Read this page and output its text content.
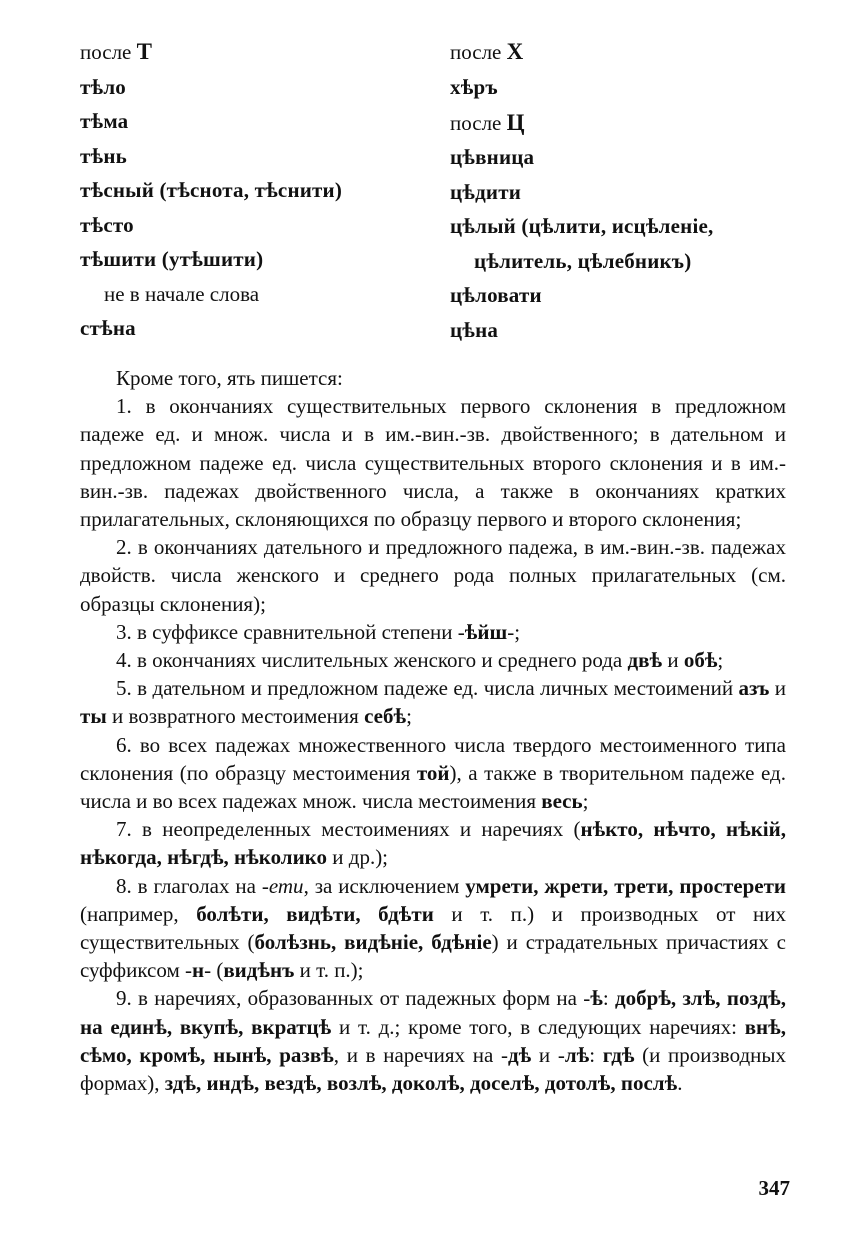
после Т
тѣло
тѣма
тѣнь
тѣсный (тѣснота, тѣснити)
тѣсто
тѣшити (утѣшити)
не в начале слова
стѣна
после Х
хѣръ
после Ц
цѣвница
цѣдити
цѣлый (цѣлити, исцѣленіе,
цѣлитель, цѣлебникъ)
цѣловати
цѣна

Кроме того, ять пишется:

1. в окончаниях существительных первого склонения в предложном падеже ед. и множ. числа и в им.-вин.-зв. двойственного; в дательном и предложном падеже ед. числа существительных второго склонения и в им.-вин.-зв. падежах двойственного числа, а также в окончаниях кратких прилагательных, склоняющихся по образцу первого и второго склонения;

2. в окончаниях дательного и предложного падежа, в им.-вин.-зв. падежах двойств. числа женского и среднего рода полных прилагательных (см. образцы склонения);

3. в суффиксе сравнительной степени -ѣйш-;

4. в окончаниях числительных женского и среднего рода двѣ и обѣ;

5. в дательном и предложном падеже ед. числа личных местоимений азъ и ты и возвратного местоимения себѣ;

6. во всех падежах множественного числа твердого местоименного типа склонения (по образцу местоимения той), а также в творительном падеже ед. числа и во всех падежах множ. числа местоимения весь;

7. в неопределенных местоимениях и наречиях (нѣкто, нѣчто, нѣкій, нѣкогда, нѣгдѣ, нѣколико и др.);

8. в глаголах на -ети, за исключением умрети, жрети, трети, простерети (например, болѣти, видѣти, бдѣти и т. п.) и производных от них существительных (болѣзнь, видѣніе, бдѣніе) и страдательных причастиях с суффиксом -н- (видѣнъ и т. п.);

9. в наречиях, образованных от падежных форм на -ѣ: добрѣ, злѣ, поздѣ, на единѣ, вкупѣ, вкратцѣ и т. д.; кроме того, в следующих наречиях: внѣ, сѣмо, кромѣ, нынѣ, развѣ, и в наречиях на -дѣ и -лѣ: гдѣ (и производных формах), здѣ, индѣ, вездѣ, возлѣ, доколѣ, доселѣ, дотолѣ, послѣ.

347
